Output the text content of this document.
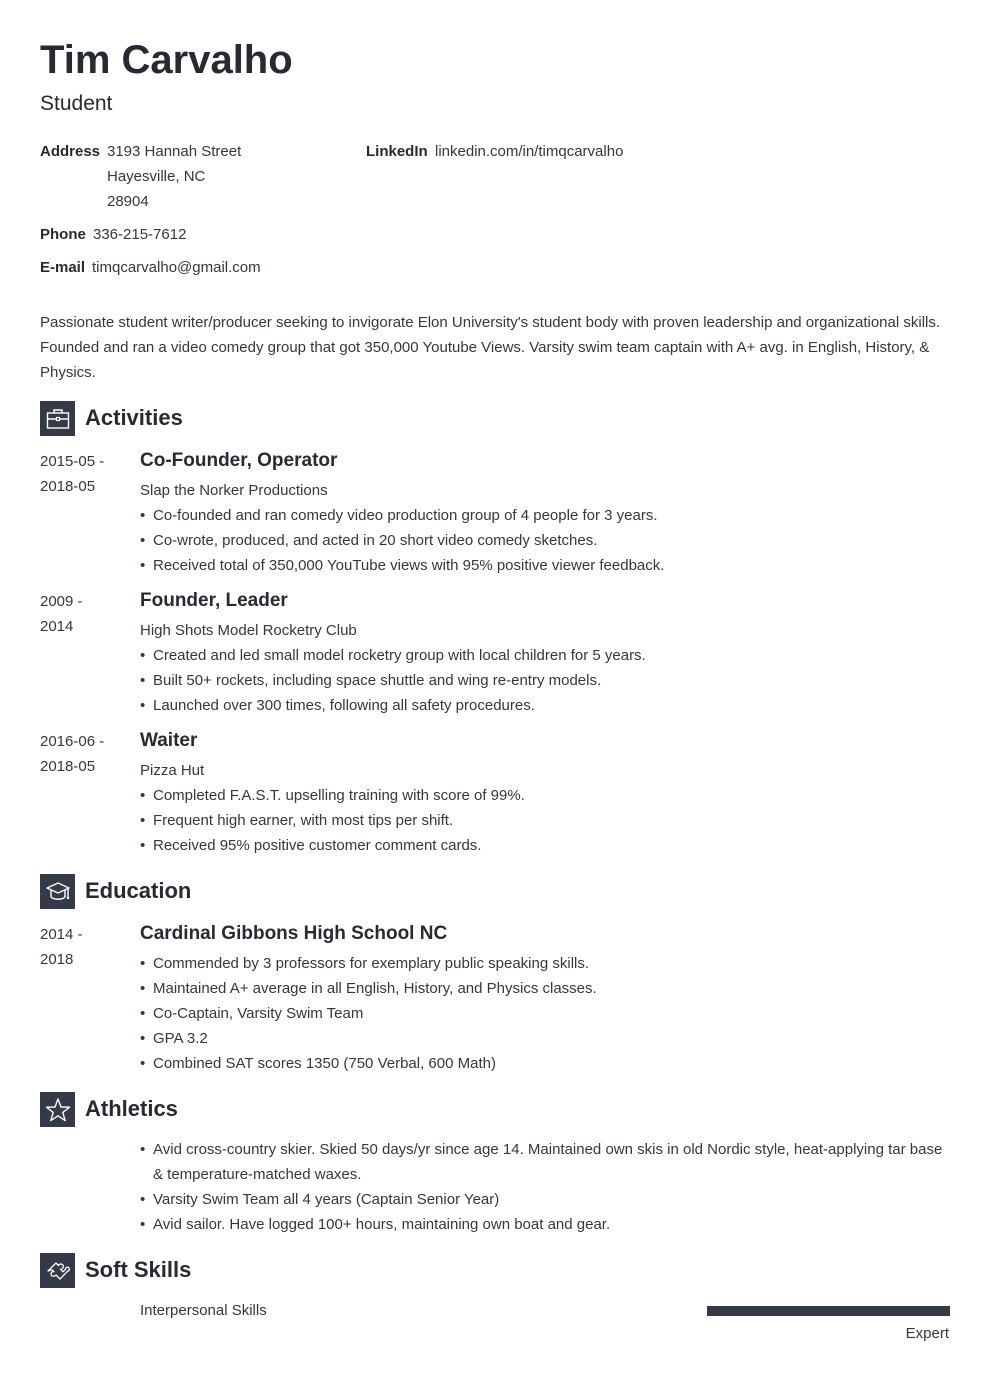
Tim Carvalho
Student
Address 3193 Hannah Street
Hayesville, NC
28904
LinkedIn linkedin.com/in/timqcarvalho
Phone 336-215-7612
E-mail timqcarvalho@gmail.com
Passionate student writer/producer seeking to invigorate Elon University's student body with proven leadership and organizational skills. Founded and ran a video comedy group that got 350,000 Youtube Views. Varsity swim team captain with A+ avg. in English, History, & Physics.
Activities
2015-05 -
2018-05
Co-Founder, Operator
Slap the Norker Productions
• Co-founded and ran comedy video production group of 4 people for 3 years.
• Co-wrote, produced, and acted in 20 short video comedy sketches.
• Received total of 350,000 YouTube views with 95% positive viewer feedback.
2009 -
2014
Founder, Leader
High Shots Model Rocketry Club
• Created and led small model rocketry group with local children for 5 years.
• Built 50+ rockets, including space shuttle and wing re-entry models.
• Launched over 300 times, following all safety procedures.
2016-06 -
2018-05
Waiter
Pizza Hut
• Completed F.A.S.T. upselling training with score of 99%.
• Frequent high earner, with most tips per shift.
• Received 95% positive customer comment cards.
Education
2014 -
2018
Cardinal Gibbons High School NC
• Commended by 3 professors for exemplary public speaking skills.
• Maintained A+ average in all English, History, and Physics classes.
• Co-Captain, Varsity Swim Team
• GPA 3.2
• Combined SAT scores 1350 (750 Verbal, 600 Math)
Athletics
• Avid cross-country skier. Skied 50 days/yr since age 14. Maintained own skis in old Nordic style, heat-applying tar base & temperature-matched waxes.
• Varsity Swim Team all 4 years (Captain Senior Year)
• Avid sailor. Have logged 100+ hours, maintaining own boat and gear.
Soft Skills
Interpersonal Skills
Expert
